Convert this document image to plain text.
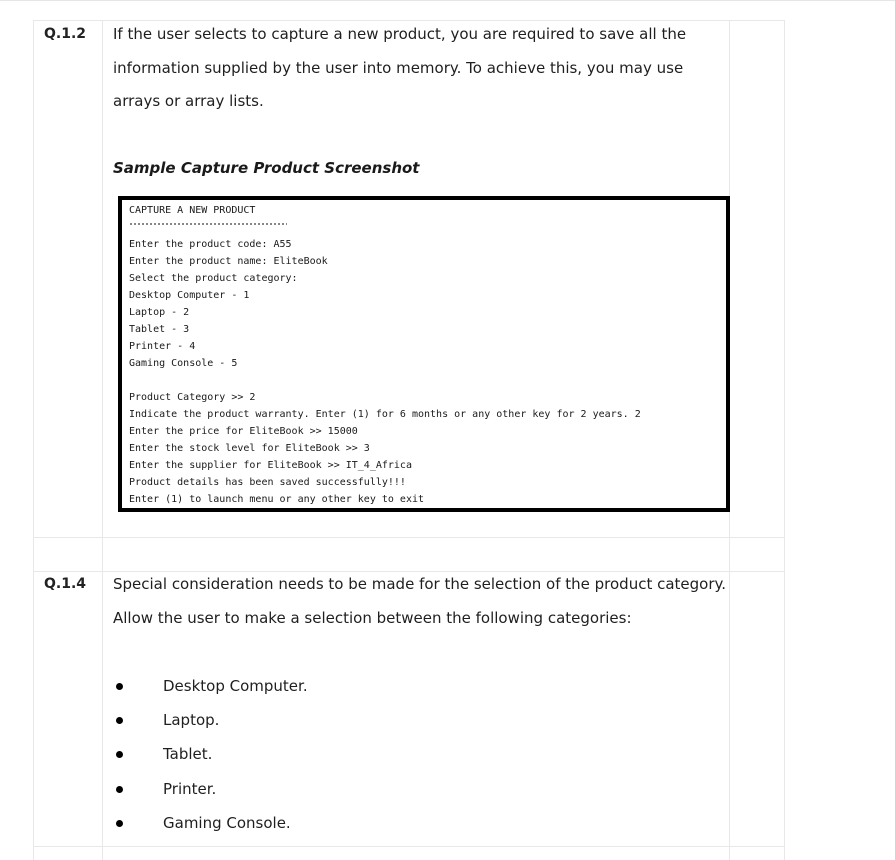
Q.1.2 If the user selects to capture a new product, you are required to save all the
information supplied by the user into memory. To achieve this, you may use
arrays or array lists.
Sample Capture Product Screenshot
CAPTURE A NEW PRODUCT
Enter the product code: A55
Enter the product name: EliteBook
Select the product category:
Desktop Computer - 1
Laptop - 2
Tablet - 3
Printer - 4
Gaming Console - 5
Product Category >> 2
Indicate the product warranty. Enter (1) for 6 months or any other key for 2 years. 2
Enter the price for EliteBook >> 15000
Enter the stock level for EliteBook >> 3
Enter the supplier for EliteBook >> IT_4_Africa
Product details has been saved successfully!!!
Enter (1) to launch menu or any other key to exit
Q.1.4 Special consideration needs to be made for the selection of the product category.
Allow the user to make a selection between the following categories:
Desktop Computer.
Laptop.
Tablet.
Printer.
Gaming Console.
